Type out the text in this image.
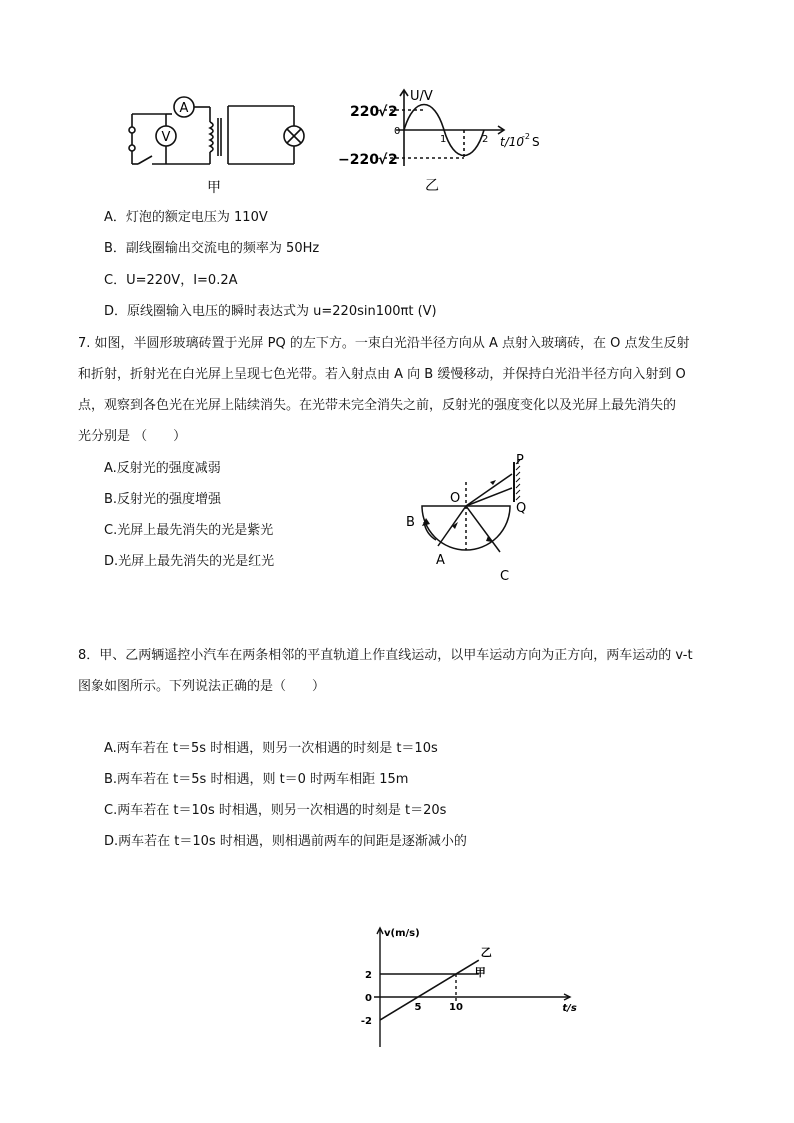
A
V
甲
220
√ 2
−220 √ 2
U/V
0
1	2 t/10
-2 S
乙
A．灯泡的额定电压为 110V
B．副线圈输出交流电的频率为 50Hz
C．U=220V，I=0.2A
D．原线圈输入电压的瞬时表达式为 u=220sin100πt (V)
7. 如图，半圆形玻璃砖置于光屏 PQ 的左下方。一束白光沿半径方向从 A 点射入玻璃砖，在 O 点发生反射
和折射，折射光在白光屏上呈现七色光带。若入射点由 A 向 B 缓慢移动，并保持白光沿半径方向入射到 O
点，观察到各色光在光屏上陆续消失。在光带未完全消失之前，反射光的强度变化以及光屏上最先消失的
光分别是 （　　）
A.反射光的强度减弱
B.反射光的强度增强
C.光屏上最先消失的光是紫光
D.光屏上最先消失的光是红光
P
Q
O
B
A
C
8．甲、乙两辆遥控小汽车在两条相邻的平直轨道上作直线运动，以甲车运动方向为正方向，两车运动的 v-t
图象如图所示。下列说法正确的是（　　）
A.两车若在 t＝5s 时相遇，则另一次相遇的时刻是 t＝10s
B.两车若在 t＝5s 时相遇，则 t＝0 时两车相距 15m
C.两车若在 t＝10s 时相遇，则另一次相遇的时刻是 t＝20s
D.两车若在 t＝10s 时相遇，则相遇前两车的间距是逐渐减小的
甲
乙
2
0
-2
5	10
v(m/s)
t/s
